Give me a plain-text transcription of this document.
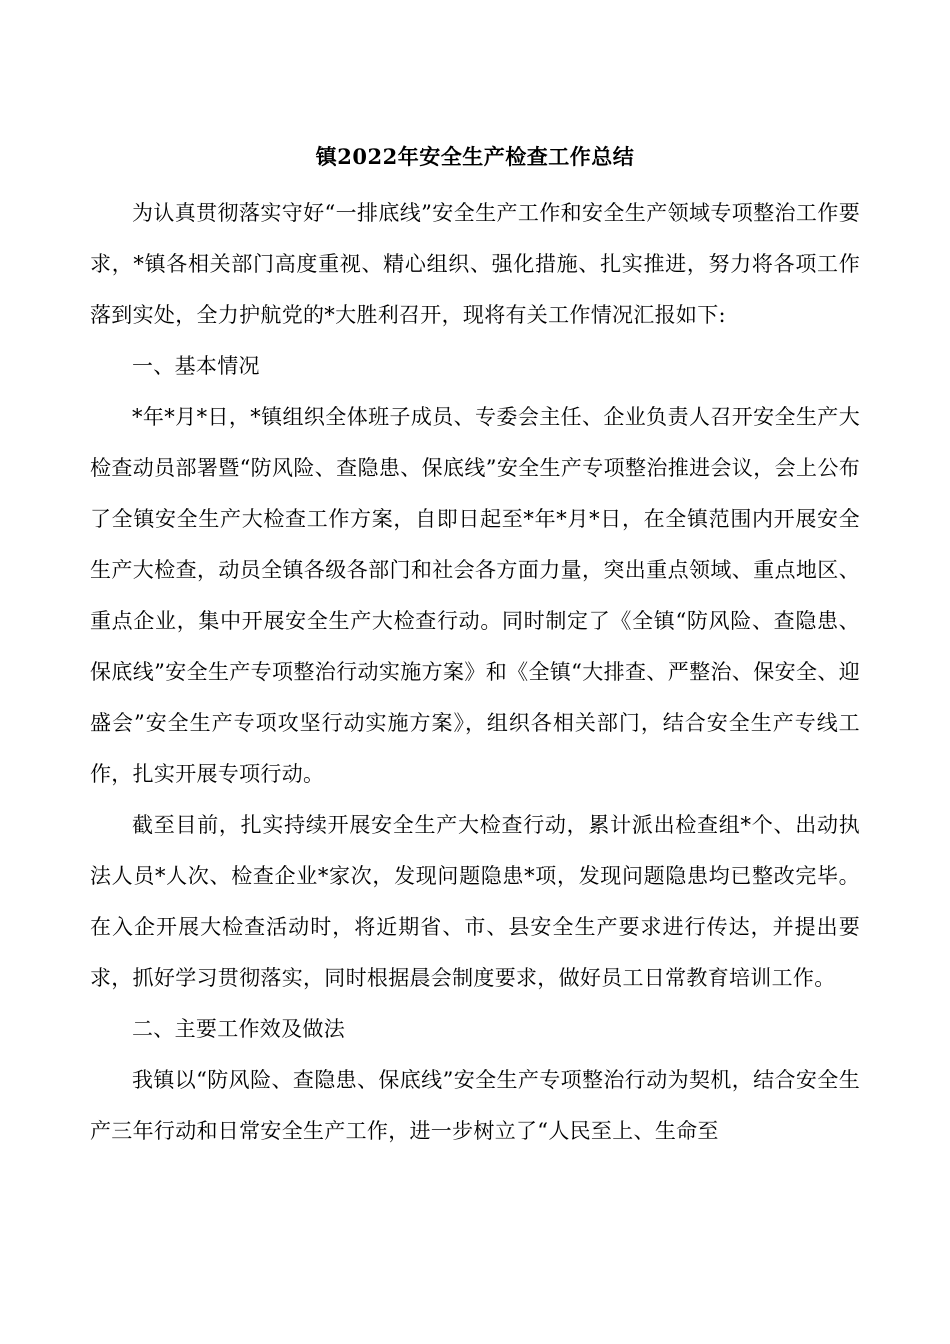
镇2022年安全生产检查工作总结

为认真贯彻落实守好“一排底线”安全生产工作和安全生产领域专项整治工作要求，*镇各相关部门高度重视、精心组织、强化措施、扎实推进，努力将各项工作落到实处，全力护航党的*大胜利召开，现将有关工作情况汇报如下:

一、基本情况

*年*月*日，*镇组织全体班子成员、专委会主任、企业负责人召开安全生产大检查动员部署暨“防风险、查隐患、保底线”安全生产专项整治推进会议，会上公布了全镇安全生产大检查工作方案，自即日起至*年*月*日，在全镇范围内开展安全生产大检查，动员全镇各级各部门和社会各方面力量，突出重点领域、重点地区、重点企业，集中开展安全生产大检查行动。同时制定了《全镇“防风险、查隐患、保底线”安全生产专项整治行动实施方案》和《全镇“大排查、严整治、保安全、迎盛会”安全生产专项攻坚行动实施方案》，组织各相关部门，结合安全生产专线工作，扎实开展专项行动。

截至目前，扎实持续开展安全生产大检查行动，累计派出检查组*个、出动执法人员*人次、检查企业*家次，发现问题隐患*项，发现问题隐患均已整改完毕。在入企开展大检查活动时，将近期省、市、县安全生产要求进行传达，并提出要求，抓好学习贯彻落实，同时根据晨会制度要求，做好员工日常教育培训工作。

二、主要工作效及做法

我镇以“防风险、查隐患、保底线”安全生产专项整治行动为契机，结合安全生产三年行动和日常安全生产工作，进一步树立了“人民至上、生命至
